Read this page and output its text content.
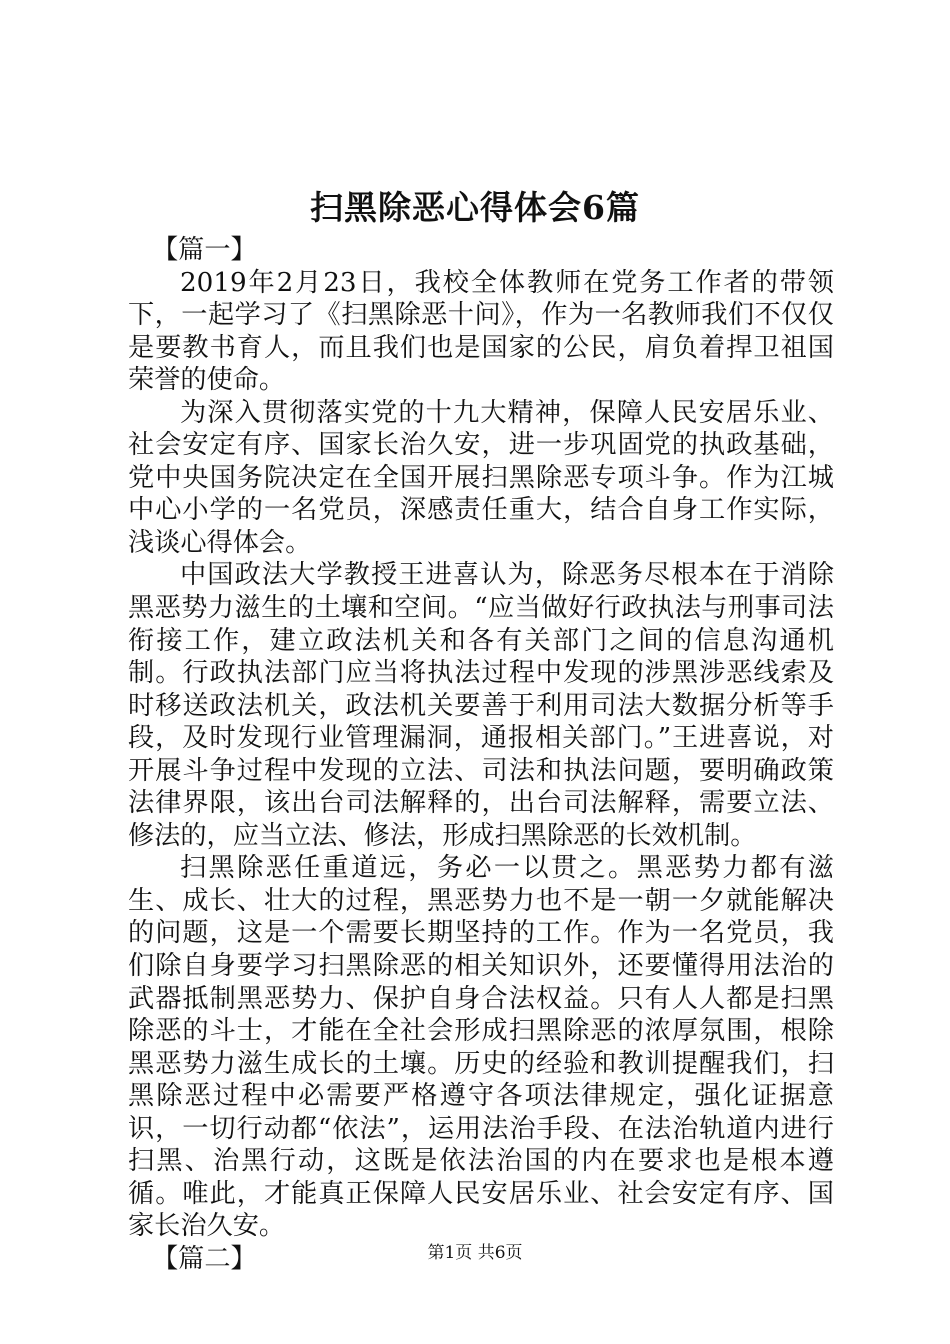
扫黑除恶心得体会6篇

【篇一】

2019年2月23日，我校全体教师在党务工作者的带领下，一起学习了《扫黑除恶十问》，作为一名教师我们不仅仅是要教书育人，而且我们也是国家的公民，肩负着捍卫祖国荣誉的使命。

为深入贯彻落实党的十九大精神，保障人民安居乐业、社会安定有序、国家长治久安，进一步巩固党的执政基础，党中央国务院决定在全国开展扫黑除恶专项斗争。作为江城中心小学的一名党员，深感责任重大，结合自身工作实际，浅谈心得体会。

中国政法大学教授王进喜认为，除恶务尽根本在于消除黑恶势力滋生的土壤和空间。“应当做好行政执法与刑事司法衔接工作，建立政法机关和各有关部门之间的信息沟通机制。行政执法部门应当将执法过程中发现的涉黑涉恶线索及时移送政法机关，政法机关要善于利用司法大数据分析等手段，及时发现行业管理漏洞，通报相关部门。”王进喜说，对开展斗争过程中发现的立法、司法和执法问题，要明确政策法律界限，该出台司法解释的，出台司法解释，需要立法、修法的，应当立法、修法，形成扫黑除恶的长效机制。

扫黑除恶任重道远，务必一以贯之。黑恶势力都有滋生、成长、壮大的过程，黑恶势力也不是一朝一夕就能解决的问题，这是一个需要长期坚持的工作。作为一名党员，我们除自身要学习扫黑除恶的相关知识外，还要懂得用法治的武器抵制黑恶势力、保护自身合法权益。只有人人都是扫黑除恶的斗士，才能在全社会形成扫黑除恶的浓厚氛围，根除黑恶势力滋生成长的土壤。历史的经验和教训提醒我们，扫黑除恶过程中必需要严格遵守各项法律规定，强化证据意识，一切行动都“依法”，运用法治手段、在法治轨道内进行扫黑、治黑行动，这既是依法治国的内在要求也是根本遵循。唯此，才能真正保障人民安居乐业、社会安定有序、国家长治久安。

【篇二】	第1页 共6页
